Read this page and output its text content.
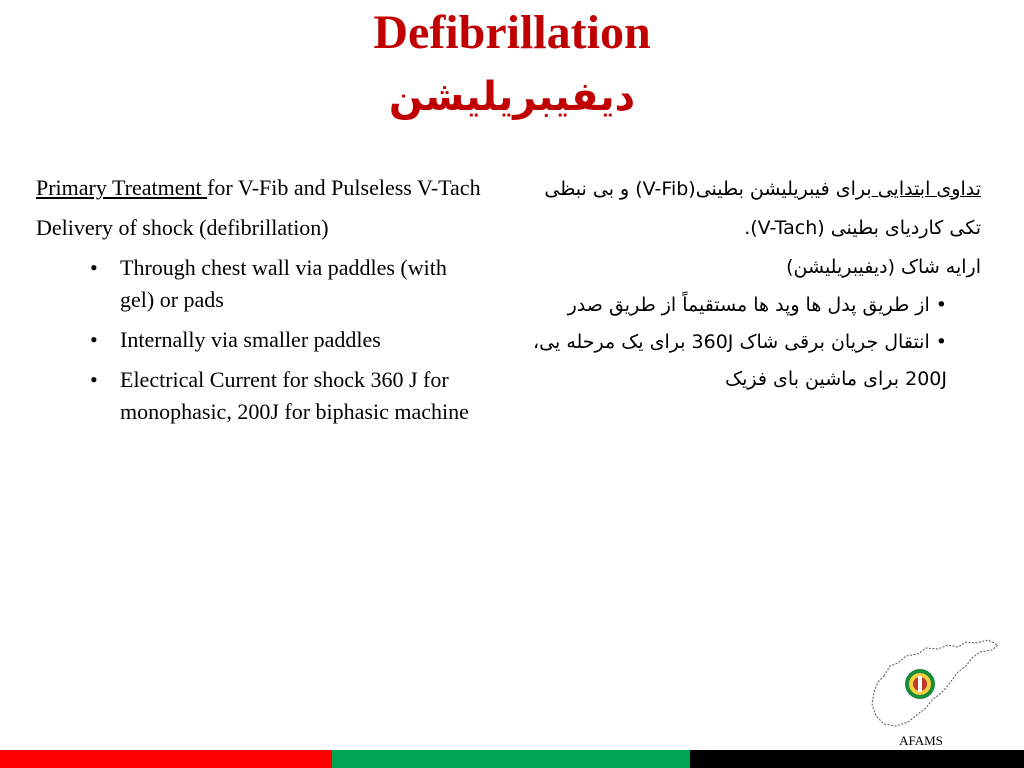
Defibrillation
دیفیبریلیشن

Primary Treatment for V-Fib and Pulseless V-Tach

Delivery of shock (defibrillation)

• Through chest wall via paddles (with gel) or pads
• Internally via smaller paddles
• Electrical Current for shock 360 J for monophasic, 200J for biphasic machine

تداوی ابتدایی برای فیبریلیشن بطینی(V-Fib) و بی نبظی تکی کاردیای بطینی (V-Tach).

ارایه شاک (دیفیبریلیشن)

• از طریق پدل ها وپد ها مستقیماً از طریق صدر

• انتقال جریان برقی شاک 360J برای یک مرحله یی، 200J برای ماشین بای فزیک

AFAMS
